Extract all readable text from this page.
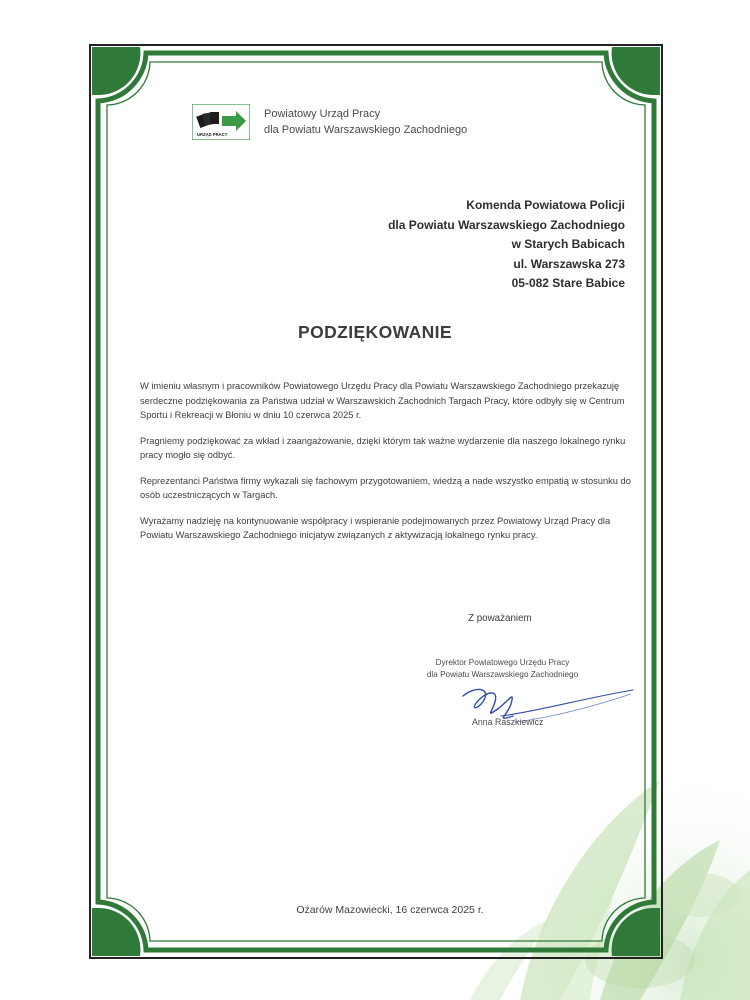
URZĄD PRACY
Powiatowy Urząd Pracy
dla Powiatu Warszawskiego Zachodniego
Komenda Powiatowa Policji
dla Powiatu Warszawskiego Zachodniego
w Starych Babicach
ul. Warszawska 273
05-082 Stare Babice
PODZIĘKOWANIE

W imieniu własnym i pracowników Powiatowego Urzędu Pracy dla Powiatu Warszawskiego Zachodniego przekazuję serdeczne podziękowania za Państwa udział w Warszawskich Zachodnich Targach Pracy, które odbyły się w Centrum Sportu i Rekreacji w Błoniu w dniu 10 czerwca 2025 r.

Pragniemy podziękować za wkład i zaangażowanie, dzięki którym tak ważne wydarzenie dla naszego lokalnego rynku pracy mogło się odbyć.

Reprezentanci Państwa firmy wykazali się fachowym przygotowaniem, wiedzą a nade wszystko empatią w stosunku do osób uczestniczących w Targach.

Wyrażamy nadzieję na kontynuowanie współpracy i wspieranie podejmowanych przez Powiatowy Urząd Pracy dla Powiatu Warszawskiego Zachodniego inicjatyw związanych z aktywizacją lokalnego rynku pracy.

Z poważaniem
Dyrektor Powiatowego Urzędu Pracy
dla Powiatu Warszawskiego Zachodniego
Anna Raszkiewicz
Ożarów Mazowiecki, 16 czerwca 2025 r.
